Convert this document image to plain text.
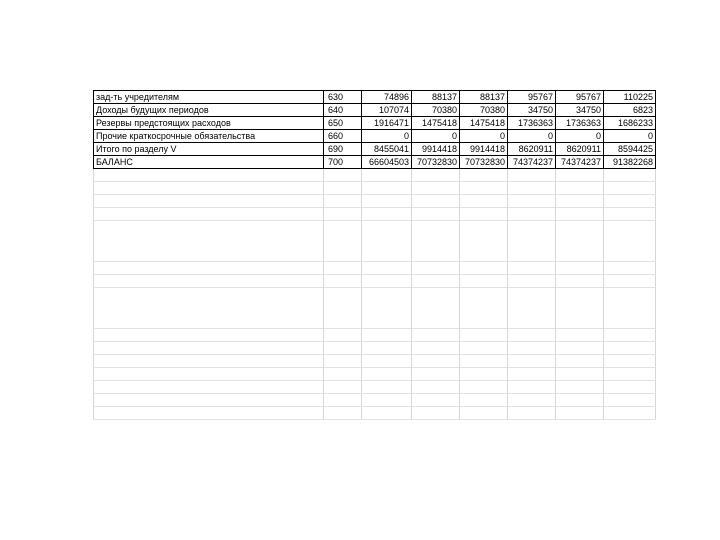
зад-ть учредителям	630	74896	88137	88137	95767	95767	110225
Доходы будущих периодов	640	107074	70380	70380	34750	34750	6823
Резервы предстоящих расходов	650	1916471	1475418	1475418	1736363	1736363	1686233
Прочие краткосрочные обязательства	660	0	0	0	0	0	0
Итого по разделу V	690	8455041	9914418	9914418	8620911	8620911	8594425
БАЛАНС	700	66604503	70732830	70732830	74374237	74374237	91382268
